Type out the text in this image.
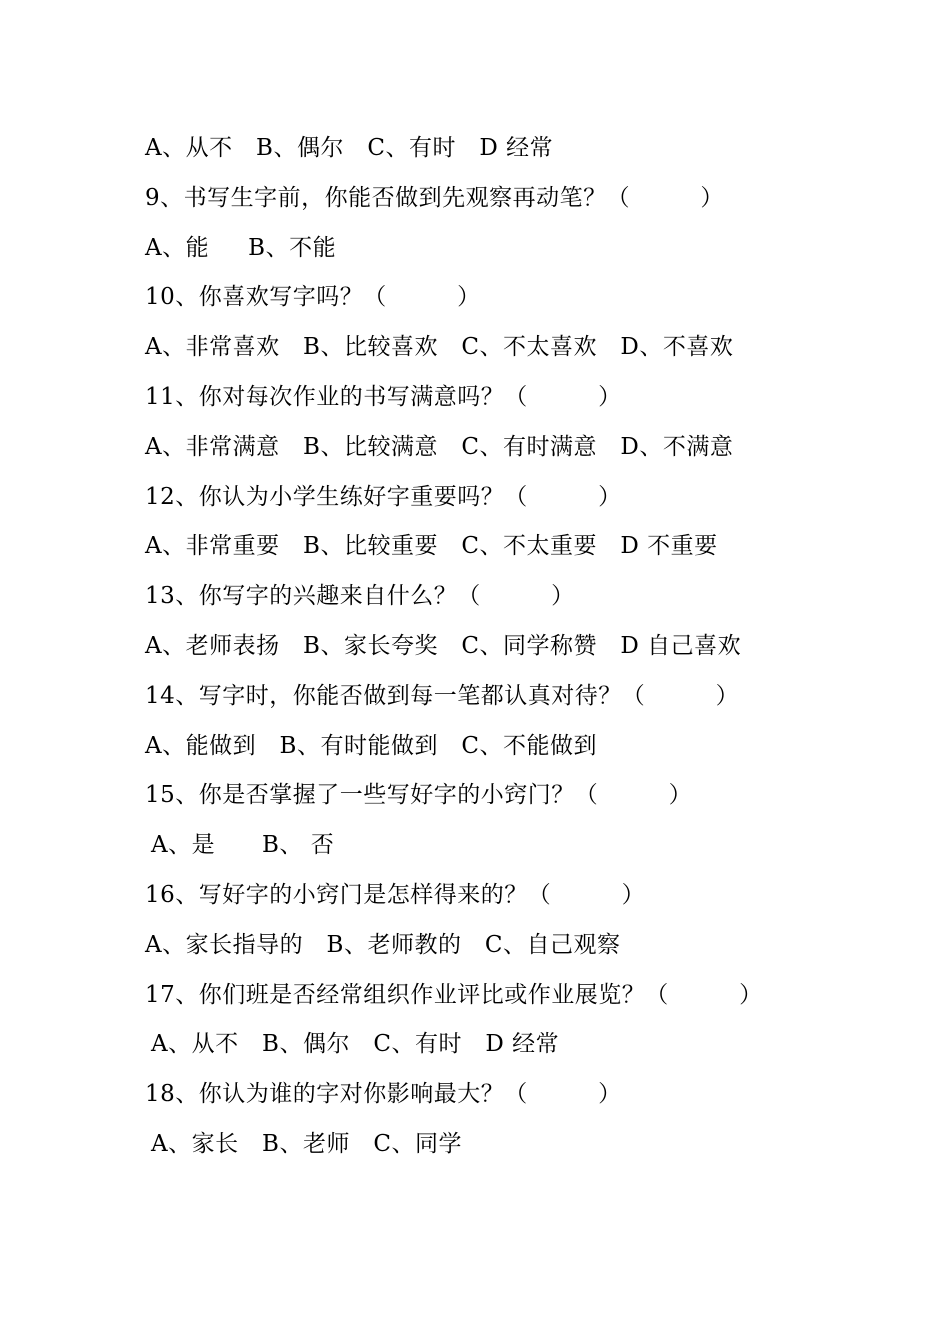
A、从不   B、偶尔   C、有时   D 经常
9、书写生字前，你能否做到先观察再动笔？（         ）
A、能     B、不能
10、你喜欢写字吗？（         ）
A、非常喜欢   B、比较喜欢   C、不太喜欢   D、不喜欢
11、你对每次作业的书写满意吗？（         ）
A、非常满意   B、比较满意   C、有时满意   D、不满意
12、你认为小学生练好字重要吗？（         ）
A、非常重要   B、比较重要   C、不太重要   D 不重要
13、你写字的兴趣来自什么？（         ）
A、老师表扬   B、家长夸奖   C、同学称赞   D 自己喜欢
14、写字时，你能否做到每一笔都认真对待？（         ）
A、能做到   B、有时能做到   C、不能做到
15、你是否掌握了一些写好字的小窍门？（         ）
A、是      B、 否
16、写好字的小窍门是怎样得来的？（         ）
A、家长指导的   B、老师教的   C、自己观察
17、你们班是否经常组织作业评比或作业展览？（         ）
A、从不   B、偶尔   C、有时   D 经常
18、你认为谁的字对你影响最大？（         ）
A、家长   B、老师   C、同学
